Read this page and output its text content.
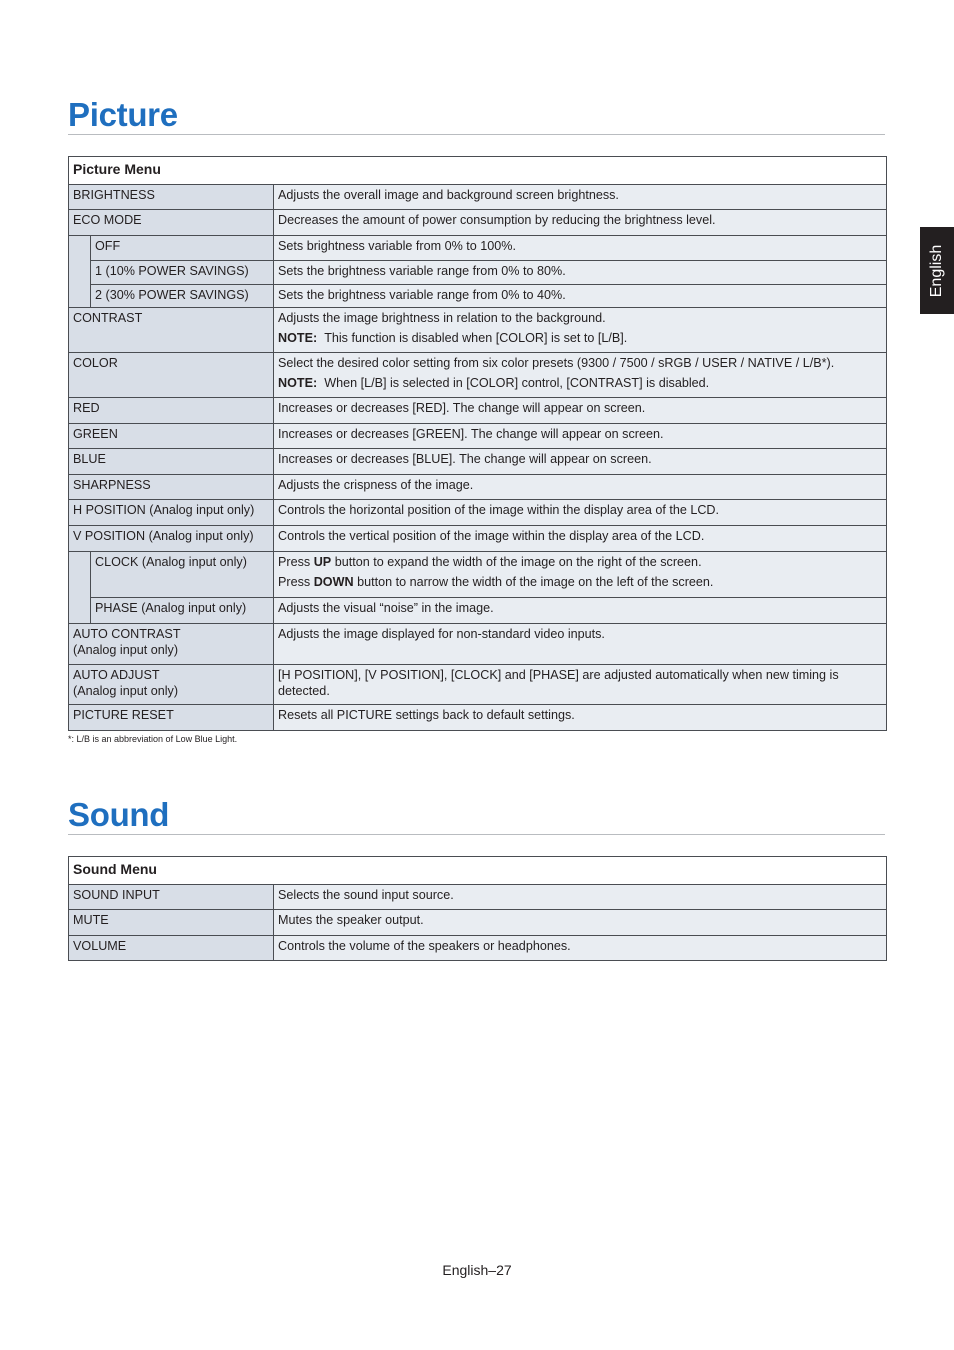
Picture
English
Picture Menu		
BRIGHTNESS		Adjusts the overall image and background screen brightness.
ECO MODE		Decreases the amount of power consumption by reducing the brightness level.
	OFF	Sets brightness variable from 0% to 100%.
	1 (10% POWER SAVINGS)	Sets the brightness variable range from 0% to 80%.
	2 (30% POWER SAVINGS)	Sets the brightness variable range from 0% to 40%.
CONTRAST		Adjusts the image brightness in relation to the background.
NOTE: This function is disabled when [COLOR] is set to [L/B].

COLOR		Select the desired color setting from six color presets (9300 / 7500 / sRGB / USER / NATIVE / L/B*).
NOTE: When [L/B] is selected in [COLOR] control, [CONTRAST] is disabled.

RED		Increases or decreases [RED]. The change will appear on screen.
GREEN		Increases or decreases [GREEN]. The change will appear on screen.
BLUE		Increases or decreases [BLUE]. The change will appear on screen.
SHARPNESS		Adjusts the crispness of the image.
H POSITION (Analog input only)		Controls the horizontal position of the image within the display area of the LCD.
V POSITION (Analog input only)		Controls the vertical position of the image within the display area of the LCD.
	CLOCK (Analog input only)	Press UP button to expand the width of the image on the right of the screen.
Press DOWN button to narrow the width of the image on the left of the screen.

	PHASE (Analog input only)	Adjusts the visual “noise” in the image.

AUTO CONTRAST
(Analog input only)		Adjusts the image displayed for non-standard video inputs.

AUTO ADJUST
(Analog input only)		[H POSITION], [V POSITION], [CLOCK] and [PHASE] are adjusted automatically when new timing is detected.
PICTURE RESET		Resets all PICTURE settings back to default settings.
*: L/B is an abbreviation of Low Blue Light.
Sound
Sound Menu	
SOUND INPUT	Selects the sound input source.
MUTE	Mutes the speaker output.
VOLUME	Controls the volume of the speakers or headphones.
English–27
